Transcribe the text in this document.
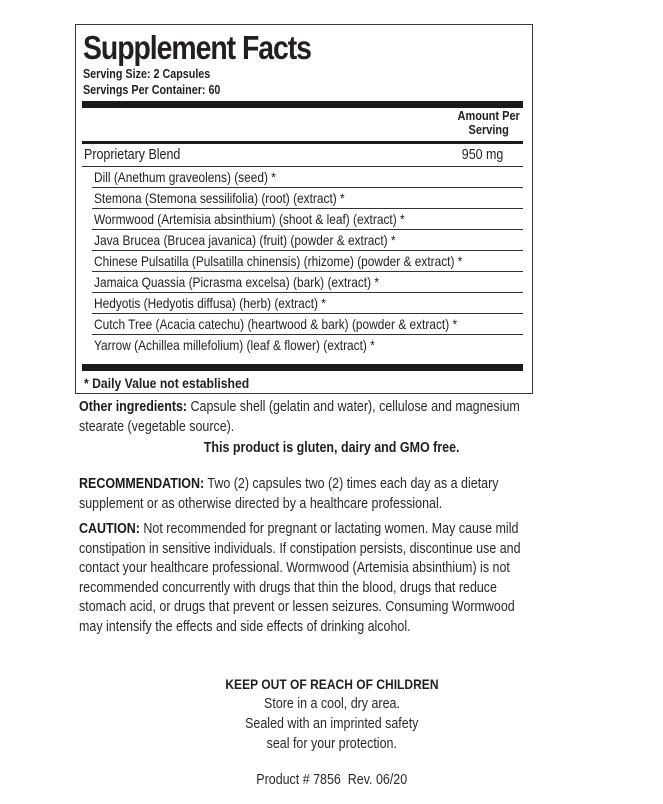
Supplement Facts
Serving Size: 2 Capsules
Servings Per Container: 60
Amount Per
Serving
Proprietary Blend	950 mg
Dill (Anethum graveolens) (seed) *
Stemona (Stemona sessilifolia) (root) (extract) *
Wormwood (Artemisia absinthium) (shoot & leaf) (extract) *
Java Brucea (Brucea javanica) (fruit) (powder & extract) *
Chinese Pulsatilla (Pulsatilla chinensis) (rhizome) (powder & extract) *
Jamaica Quassia (Picrasma excelsa) (bark) (extract) *
Hedyotis (Hedyotis diffusa) (herb) (extract) *
Cutch Tree (Acacia catechu) (heartwood & bark) (powder & extract) *
Yarrow (Achillea millefolium) (leaf & flower) (extract) *
* Daily Value not established
Other ingredients: Capsule shell (gelatin and water), cellulose and magnesium stearate (vegetable source).
This product is gluten, dairy and GMO free.
RECOMMENDATION: Two (2) capsules two (2) times each day as a dietary supplement or as otherwise directed by a healthcare professional.
CAUTION: Not recommended for pregnant or lactating women. May cause mild constipation in sensitive individuals. If constipation persists, discontinue use and contact your healthcare professional. Wormwood (Artemisia absinthium) is not recommended concurrently with drugs that thin the blood, drugs that reduce stomach acid, or drugs that prevent or lessen seizures. Consuming Wormwood may intensify the effects and side effects of drinking alcohol.
KEEP OUT OF REACH OF CHILDREN
Store in a cool, dry area.
Sealed with an imprinted safety
seal for your protection.
Product # 7856  Rev. 06/20
